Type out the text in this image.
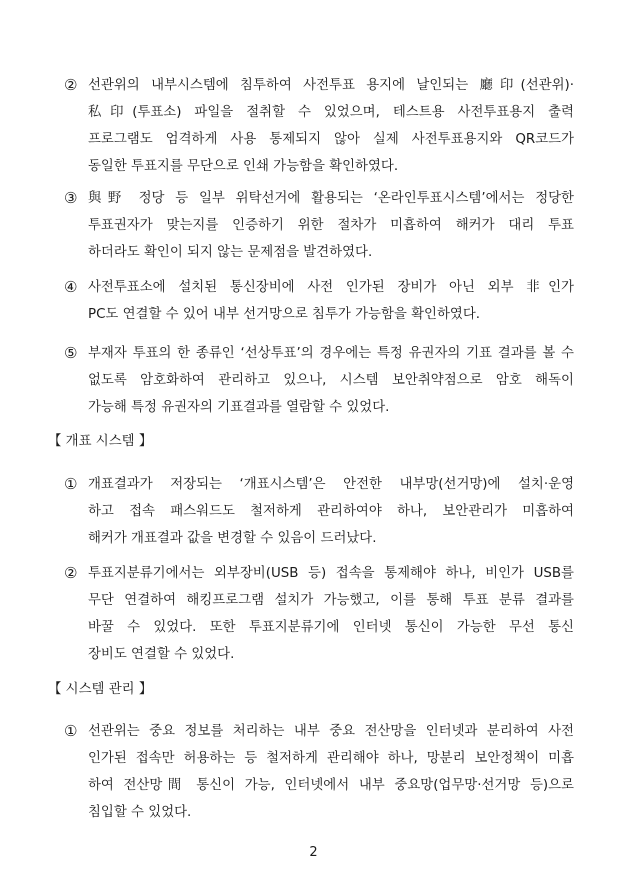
② 선관위의 내부시스템에 침투하여 사전투표 용지에 날인되는 廳印(선관위)·
私印(투표소) 파일을 절취할 수 있었으며, 테스트용 사전투표용지 출력
프로그램도 엄격하게 사용 통제되지 않아 실제 사전투표용지와 QR코드가
동일한 투표지를 무단으로 인쇄 가능함을 확인하였다.
③ 與野 정당 등 일부 위탁선거에 활용되는 ‘온라인투표시스템’에서는 정당한
투표권자가 맞는지를 인증하기 위한 절차가 미흡하여 해커가 대리 투표
하더라도 확인이 되지 않는 문제점을 발견하였다.
④ 사전투표소에 설치된 통신장비에 사전 인가된 장비가 아닌 외부 非인가
PC도 연결할 수 있어 내부 선거망으로 침투가 가능함을 확인하였다.
⑤ 부재자 투표의 한 종류인 ‘선상투표’의 경우에는 특정 유권자의 기표 결과를 볼 수
없도록 암호화하여 관리하고 있으나, 시스템 보안취약점으로 암호 해독이
가능해 특정 유권자의 기표결과를 열람할 수 있었다.
【 개표 시스템 】
① 개표결과가 저장되는 ‘개표시스템’은 안전한 내부망(선거망)에 설치·운영
하고 접속 패스워드도 철저하게 관리하여야 하나, 보안관리가 미흡하여
해커가 개표결과 값을 변경할 수 있음이 드러났다.
② 투표지분류기에서는 외부장비(USB 등) 접속을 통제해야 하나, 비인가 USB를
무단 연결하여 해킹프로그램 설치가 가능했고, 이를 통해 투표 분류 결과를
바꿀 수 있었다. 또한 투표지분류기에 인터넷 통신이 가능한 무선 통신
장비도 연결할 수 있었다.
【 시스템 관리 】
① 선관위는 중요 정보를 처리하는 내부 중요 전산망을 인터넷과 분리하여 사전
인가된 접속만 허용하는 등 철저하게 관리해야 하나, 망분리 보안정책이 미흡
하여 전산망間 통신이 가능, 인터넷에서 내부 중요망(업무망·선거망 등)으로
침입할 수 있었다.
2
